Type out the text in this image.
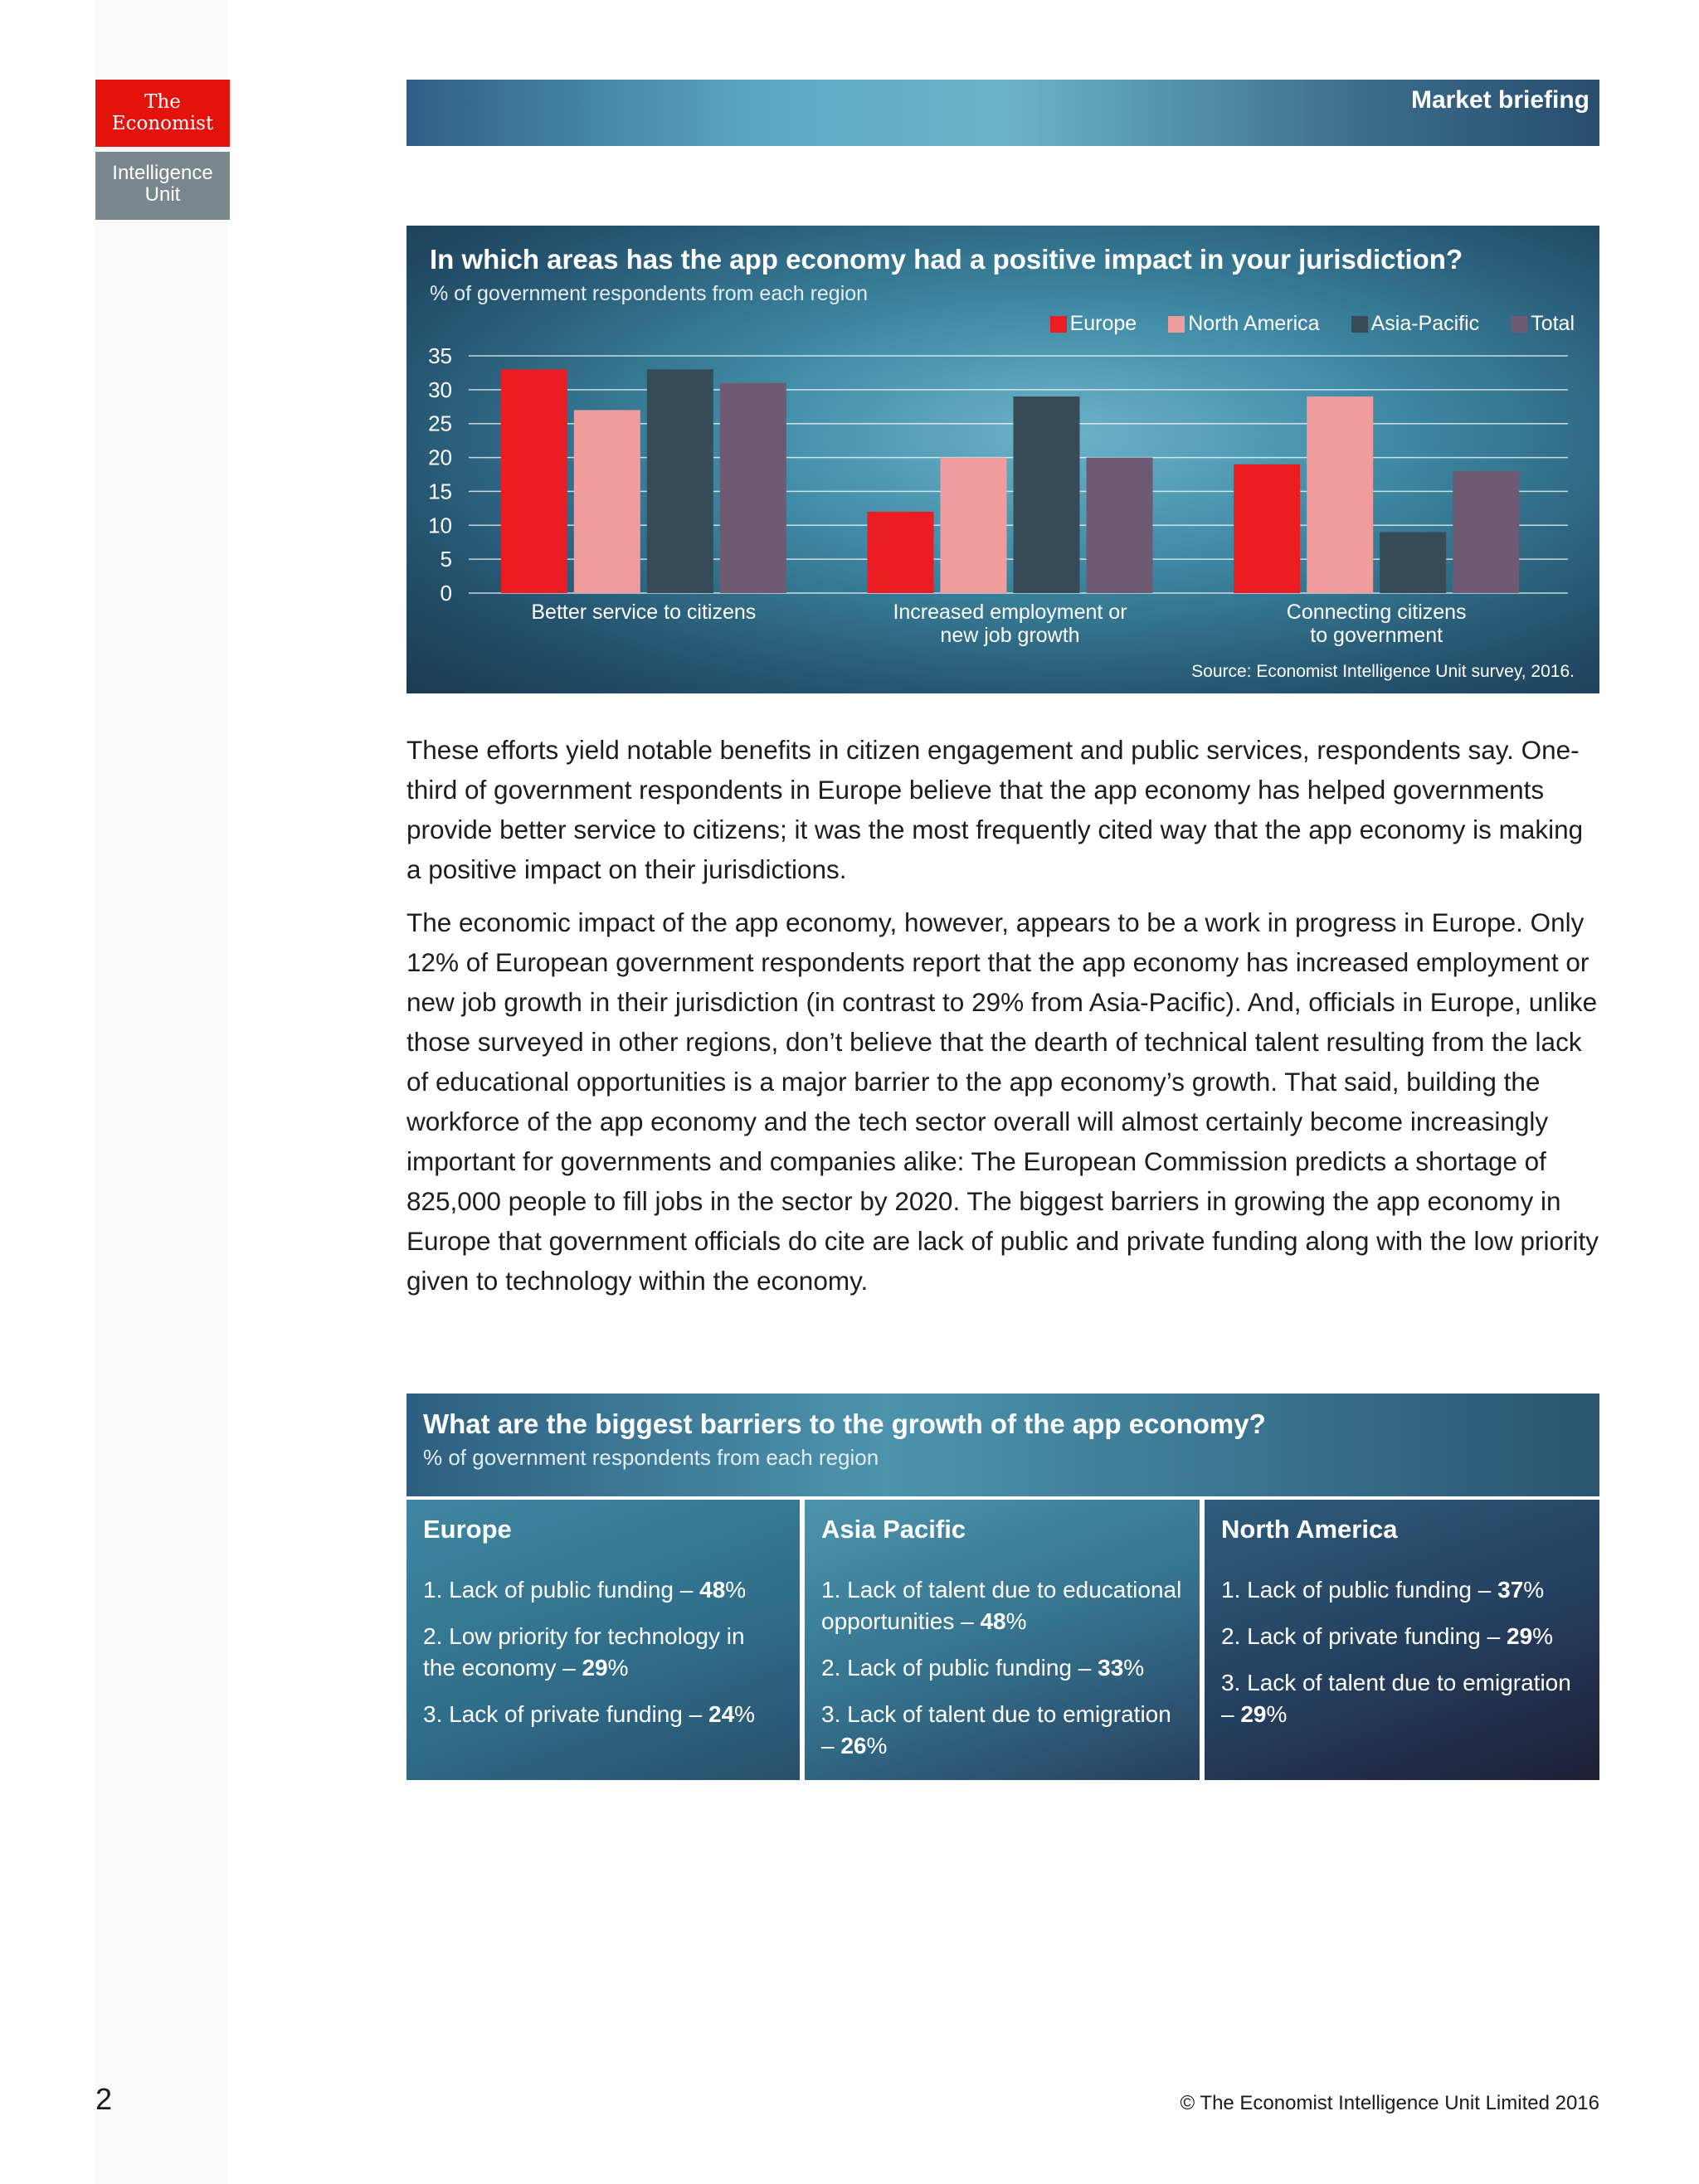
The
Economist
Intelligence
Unit
Market briefing
0
5
10
15
20
25
30
35
Better service to citizens	Increased employment or new job growth
Connecting citizens to government
In which areas has the app economy had a positive impact in your jurisdiction?
% of government respondents from each region
Europe North America Asia-Pacific Total
Source: Economist Intelligence Unit survey, 2016.

These efforts yield notable benefits in citizen engagement and public services, respondents say. One-third of government respondents in Europe believe that the app economy has helped governments provide better service to citizens; it was the most frequently cited way that the app economy is making a positive impact on their jurisdictions.

The economic impact of the app economy, however, appears to be a work in progress in Europe. Only 12% of European government respondents report that the app economy has increased employment or new job growth in their jurisdiction (in contrast to 29% from Asia-Pacific). And, officials in Europe, unlike those surveyed in other regions, don’t believe that the dearth of technical talent resulting from the lack of educational opportunities is a major barrier to the app economy’s growth. That said, building the workforce of the app economy and the tech sector overall will almost certainly become increasingly important for governments and companies alike: The European Commission predicts a shortage of 825,000 people to fill jobs in the sector by 2020. The biggest barriers in growing the app economy in Europe that government officials do cite are lack of public and private funding along with the low priority given to technology within the economy.

What are the biggest barriers to the growth of the app economy?
% of government respondents from each region
Europe
1. Lack of public funding – 48%
2. Low priority for technology in the economy – 29%
3. Lack of private funding – 24%
Asia Pacific
1. Lack of talent due to educational opportunities – 48%
2. Lack of public funding – 33%
3. Lack of talent due to emigration – 26%
North America
1. Lack of public funding – 37%
2. Lack of private funding – 29%
3. Lack of talent due to emigration – 29%
2	© The Economist Intelligence Unit Limited 2016
